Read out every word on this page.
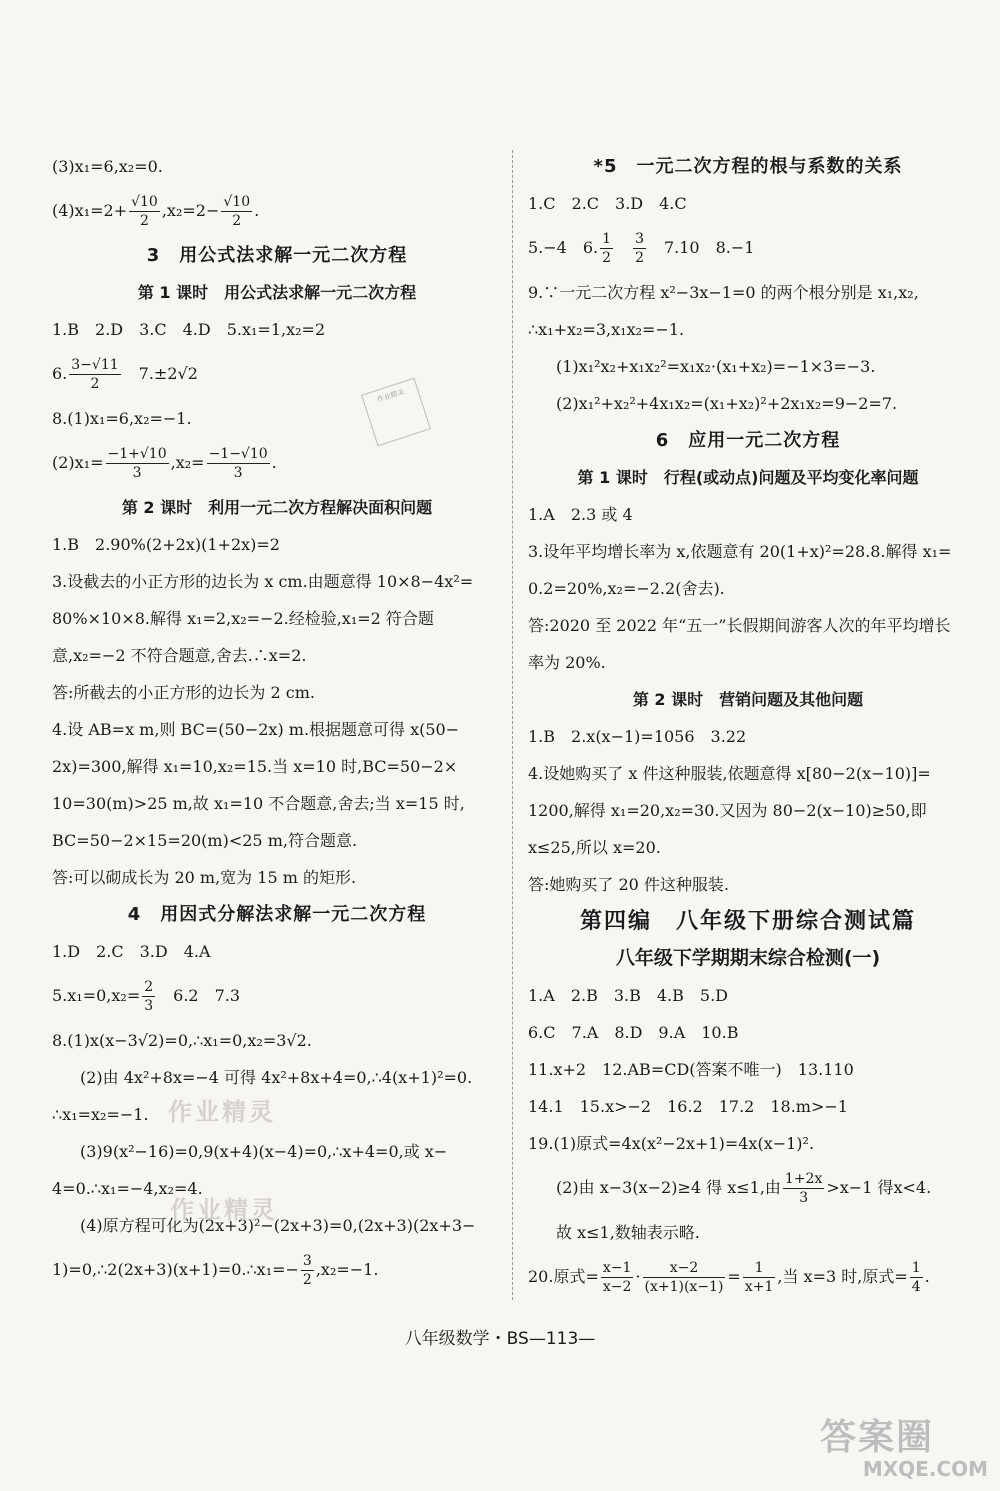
(3)x₁=6,x₂=0.
$(4)x_1=2+ \frac{√10}{2} ,x_2=2- \frac{√10}{2}$ .
3　用公式法求解一元二次方程
第 1 课时　用公式法求解一元二次方程
1.B　2.D　3.C　4.D　5.x₁=1,x₂=2
6. $\frac{3-√11}{2}$ 　7.±2√2
8.(1)x₁=6,x₂=−1.
$(2)x_1= \frac{-1+√10}{3} ,x_2= \frac{-1-√10}{3}$ .
第 2 课时　利用一元二次方程解决面积问题
1.B　2.90%(2+2x)(1+2x)=2
3.设截去的小正方形的边长为 x cm.由题意得 10×8−4x²=
80%×10×8.解得 x₁=2,x₂=−2.经检验,x₁=2 符合题
意,x₂=−2 不符合题意,舍去.∴x=2.
答:所截去的小正方形的边长为 2 cm.
4.设 AB=x m,则 BC=(50−2x) m.根据题意可得 x(50−
2x)=300,解得 x₁=10,x₂=15.当 x=10 时,BC=50−2×
10=30(m)>25 m,故 x₁=10 不合题意,舍去;当 x=15 时,
BC=50−2×15=20(m)<25 m,符合题意.
答:可以砌成长为 20 m,宽为 15 m 的矩形.
4　用因式分解法求解一元二次方程
1.D　2.C　3.D　4.A
$5.x_1=0,x_2= \frac{2}{3}$ 　6.2　7.3
8.(1)x(x−3√2)=0,∴x₁=0,x₂=3√2.
(2)由 4x²+8x=−4 可得 4x²+8x+4=0,∴4(x+1)²=0.
∴x₁=x₂=−1.
(3)9(x²−16)=0,9(x+4)(x−4)=0,∴x+4=0,或 x−
4=0.∴x₁=−4,x₂=4.
(4)原方程可化为(2x+3)²−(2x+3)=0,(2x+3)(2x+3−
1)=0,∴2(2x+3)(x+1)=0.∴x₁=− $\frac{3}{2} ,x_2=-1$.
*5　一元二次方程的根与系数的关系
1.C　2.C　3.D　4.C
5.−4　6. $\frac{1}{2}$
　 $\frac{3}{2}$ 　7.10　8.−1
9.∵一元二次方程 x²−3x−1=0 的两个根分别是 x₁,x₂,
∴x₁+x₂=3,x₁x₂=−1.
(1)x₁²x₂+x₁x₂²=x₁x₂·(x₁+x₂)=−1×3=−3.
(2)x₁²+x₂²+4x₁x₂=(x₁+x₂)²+2x₁x₂=9−2=7.
6　应用一元二次方程
第 1 课时　行程(或动点)问题及平均变化率问题
1.A　2.3 或 4
3.设年平均增长率为 x,依题意有 20(1+x)²=28.8.解得 x₁=
0.2=20%,x₂=−2.2(舍去).
答:2020 至 2022 年“五一”长假期间游客人次的年平均增长
率为 20%.
第 2 课时　营销问题及其他问题
1.B　2.x(x−1)=1056　3.22
4.设她购买了 x 件这种服装,依题意得 x[80−2(x−10)]=
1200,解得 x₁=20,x₂=30.又因为 80−2(x−10)≥50,即
x≤25,所以 x=20.
答:她购买了 20 件这种服装.
第四编　八年级下册综合测试篇
八年级下学期期末综合检测(一)
1.A　2.B　3.B　4.B　5.D
6.C　7.A　8.D　9.A　10.B
11.x+2　12.AB=CD(答案不唯一)　13.110
14.1　15.x>−2　16.2　17.2　18.m>−1
19.(1)原式=4x(x²−2x+1)=4x(x−1)².
(2)由 x−3(x−2)≥4 得 x≤1,由 $\frac{1+2x}{3} >x-1$ 得x<4.
故 x≤1,数轴表示略.
20.原式= $\frac{x-1}{x-2} \cdot \frac{x-2}{(x+1)(x-1)} = \frac{1}{x+1}$ ,当 x=3 时,原式= $\frac{1}{4}$ .
作业精灵
作业精灵
作业精灵
八年级数学・BS—113—
答案圈
MXQE.COM
